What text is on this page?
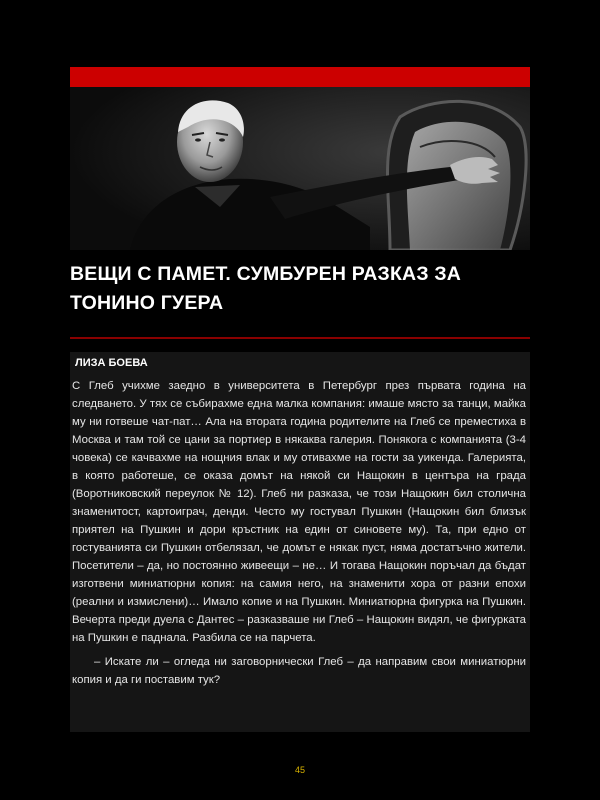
ВЕЩИ С ПАМЕТ. СУМБУРЕН РАЗКАЗ ЗА ТОНИНО ГУЕРА

ЛИЗА БОЕВА

С Глеб учихме заедно в университета в Петербург през първата година на следването. У тях се събирахме една малка компания: имаше място за танци, майка му ни готвеше чат-пат… Ала на втората година родителите на Глеб се преместиха в Москва и там той се цани за портиер в някаква галерия. Понякога с компанията (3-4 човека) се качвахме на нощния влак и му отивахме на гости за уикенда. Галерията, в която работеше, се оказа домът на някой си Нащокин в центъра на града (Воротниковский переулок № 12). Глеб ни разказа, че този Нащокин бил столична знаменитост, картоиграч, денди. Често му гостувал Пушкин (Нащокин бил близък приятел на Пушкин и дори кръстник на един от синовете му). Та, при едно от гостуванията си Пушкин отбелязал, че домът е някак пуст, няма достатъчно жители. Посетители – да, но постоянно живеещи – не… И тогава Нащокин поръчал да бъдат изготвени миниатюрни копия: на самия него, на знаменити хора от разни епохи (реални и измислени)… Имало копие и на Пушкин. Миниатюрна фигурка на Пушкин. Вечерта преди дуела с Дантес – разказваше ни Глеб – Нащокин видял, че фигурката на Пушкин е паднала. Разбила се на парчета.

– Искате ли – огледа ни заговорнически Глеб – да направим свои миниатюрни копия и да ги поставим тук?

45
